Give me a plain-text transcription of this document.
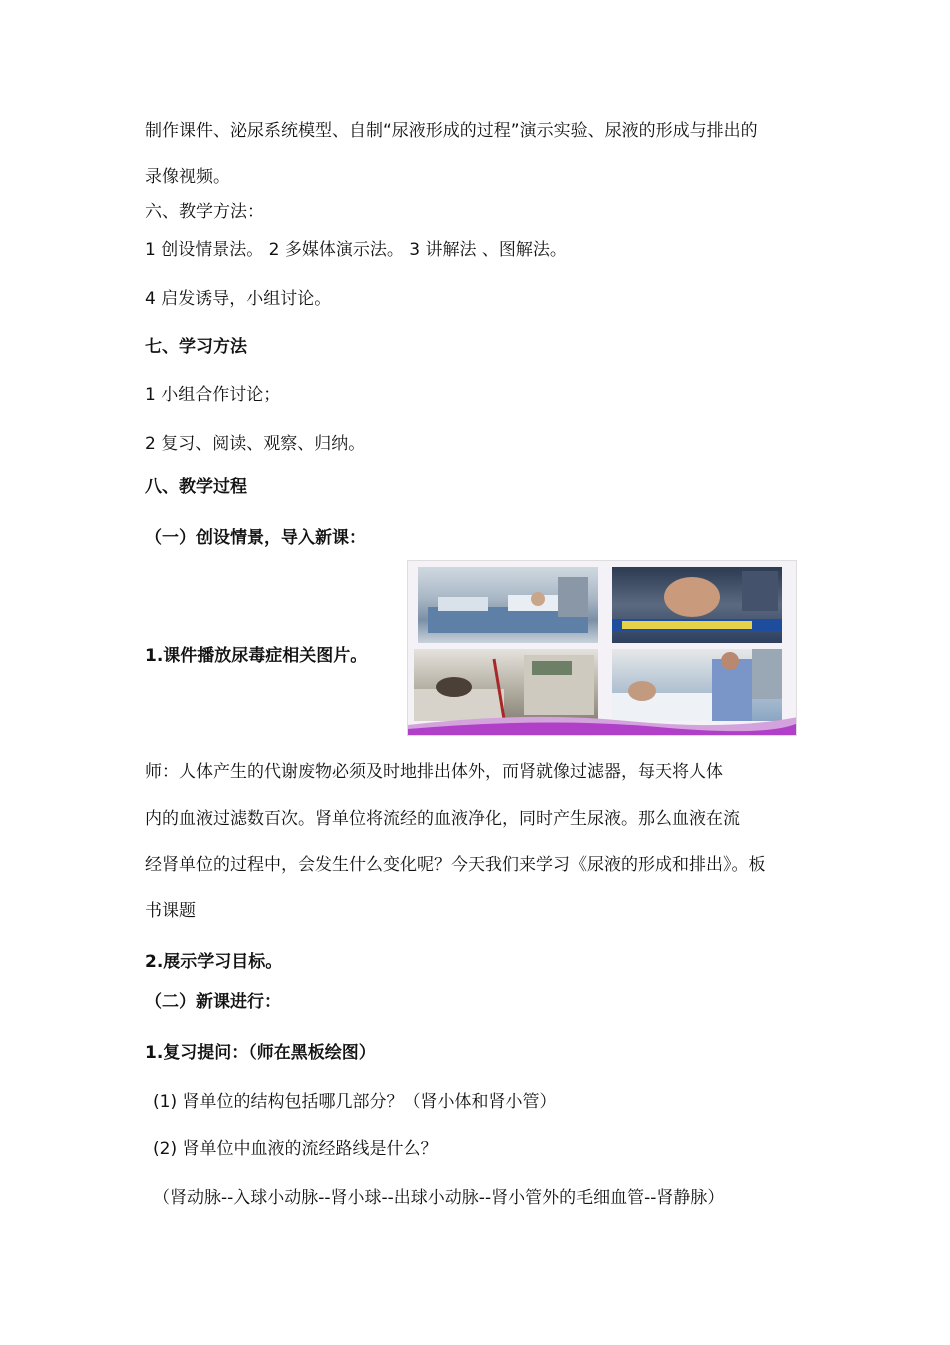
制作课件、泌尿系统模型、自制“尿液形成的过程”演示实验、尿液的形成与排出的
录像视频。
六、教学方法：
1 创设情景法。 2 多媒体演示法。 3 讲解法 、图解法。
4 启发诱导，小组讨论。
七、学习方法
1 小组合作讨论；
2 复习、阅读、观察、归纳。
八、教学过程
（一）创设情景，导入新课：
1.课件播放尿毒症相关图片。
师：人体产生的代谢废物必须及时地排出体外，而肾就像过滤器，每天将人体
内的血液过滤数百次。肾单位将流经的血液净化，同时产生尿液。那么血液在流
经肾单位的过程中，会发生什么变化呢？今天我们来学习《尿液的形成和排出》。板
书课题
2.展示学习目标。
（二）新课进行：
1.复习提问：（师在黑板绘图）
(1) 肾单位的结构包括哪几部分？（肾小体和肾小管）
(2) 肾单位中血液的流经路线是什么？
（肾动脉--入球小动脉--肾小球--出球小动脉--肾小管外的毛细血管--肾静脉）
